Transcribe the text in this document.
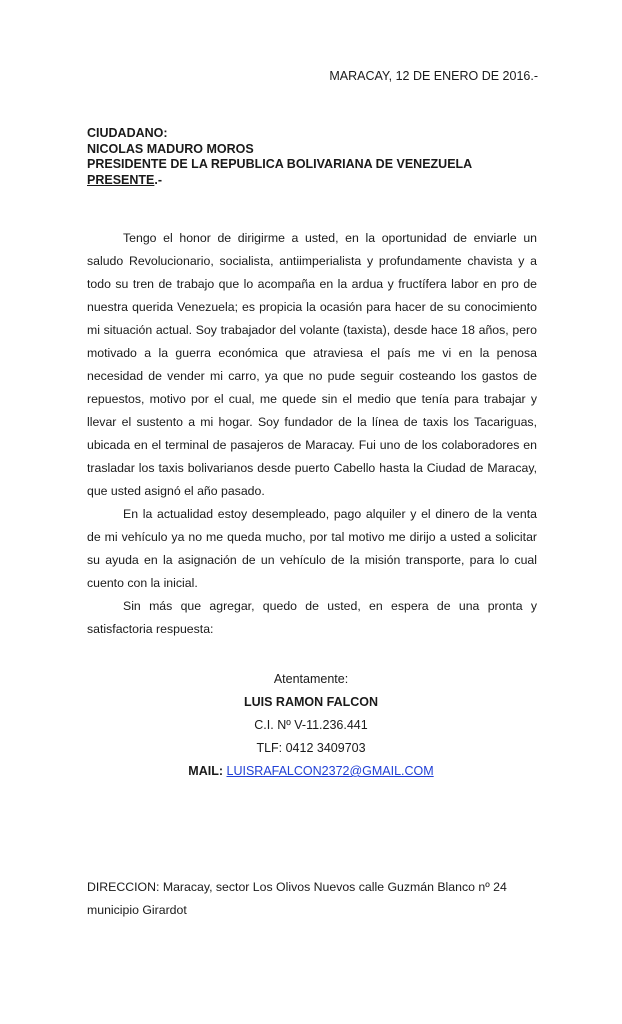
MARACAY, 12 DE ENERO DE 2016.-
CIUDADANO:
NICOLAS MADURO MOROS
PRESIDENTE DE LA REPUBLICA BOLIVARIANA DE VENEZUELA
PRESENTE.-

Tengo el honor de dirigirme a usted, en la oportunidad de enviarle un saludo Revolucionario, socialista, antiimperialista y profundamente chavista y a todo su tren de trabajo que lo acompaña en la ardua y fructífera labor en pro de nuestra querida Venezuela; es propicia la ocasión para hacer de su conocimiento mi situación actual. Soy trabajador del volante (taxista), desde hace 18 años, pero motivado a la guerra económica que atraviesa el país me vi en la penosa necesidad de vender mi carro, ya que no pude seguir costeando los gastos de repuestos, motivo por el cual, me quede sin el medio que tenía para trabajar y llevar el sustento a mi hogar. Soy fundador de la línea de taxis los Tacariguas, ubicada en el terminal de pasajeros de Maracay. Fui uno de los colaboradores en trasladar los taxis bolivarianos desde puerto Cabello hasta la Ciudad de Maracay, que usted asignó el año pasado.

En la actualidad estoy desempleado, pago alquiler y el dinero de la venta de mi vehículo ya no me queda mucho, por tal motivo me dirijo a usted a solicitar su ayuda en la asignación de un vehículo de la misión transporte, para lo cual cuento con la inicial.

Sin más que agregar, quedo de usted, en espera de una pronta y satisfactoria respuesta:

Atentamente:
LUIS RAMON FALCON
C.I. Nº V-11.236.441
TLF: 0412 3409703
MAIL: LUISRAFALCON2372@GMAIL.COM
DIRECCION: Maracay, sector Los Olivos Nuevos calle Guzmán Blanco nº 24
municipio Girardot
